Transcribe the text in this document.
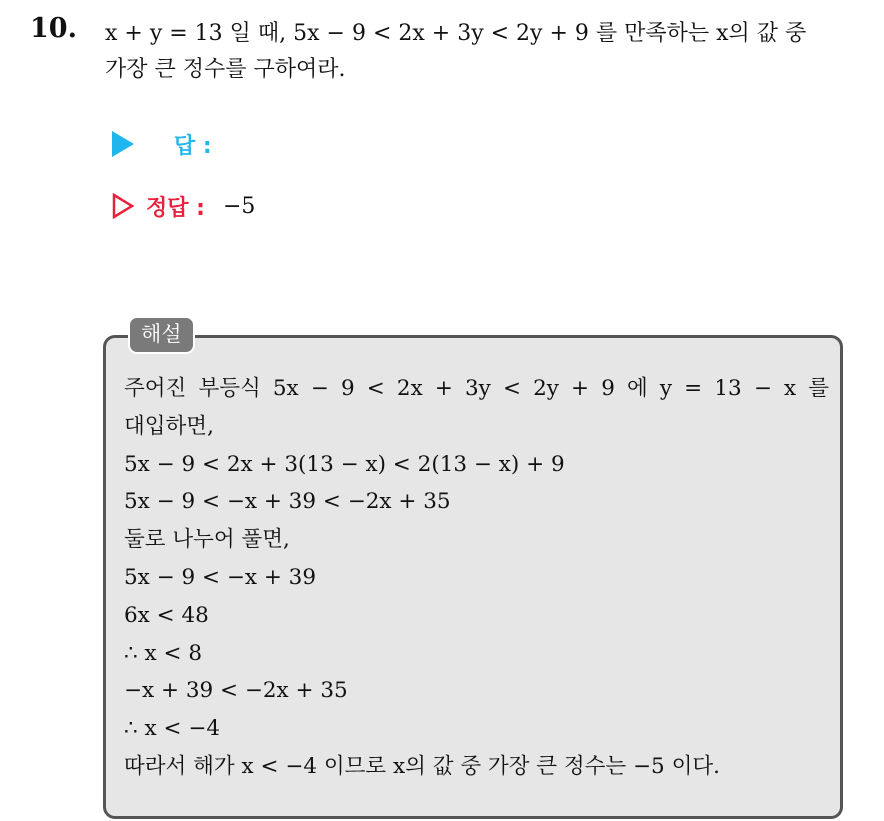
10. x + y = 13 일 때, 5x − 9 < 2x + 3y < 2y + 9 를 만족하는 x의 값 중
가장 큰 정수를 구하여라.
답 :
정답 : −5
해설
주어진 부등식 5x − 9 < 2x + 3y < 2y + 9 에 y = 13 − x 를
대입하면,
5x − 9 < 2x + 3(13 − x) < 2(13 − x) + 9
5x − 9 < −x + 39 < −2x + 35
둘로 나누어 풀면,
5x − 9 < −x + 39
6x < 48
∴ x < 8
−x + 39 < −2x + 35
∴ x < −4
따라서 해가 x < −4 이므로 x의 값 중 가장 큰 정수는 −5 이다.
